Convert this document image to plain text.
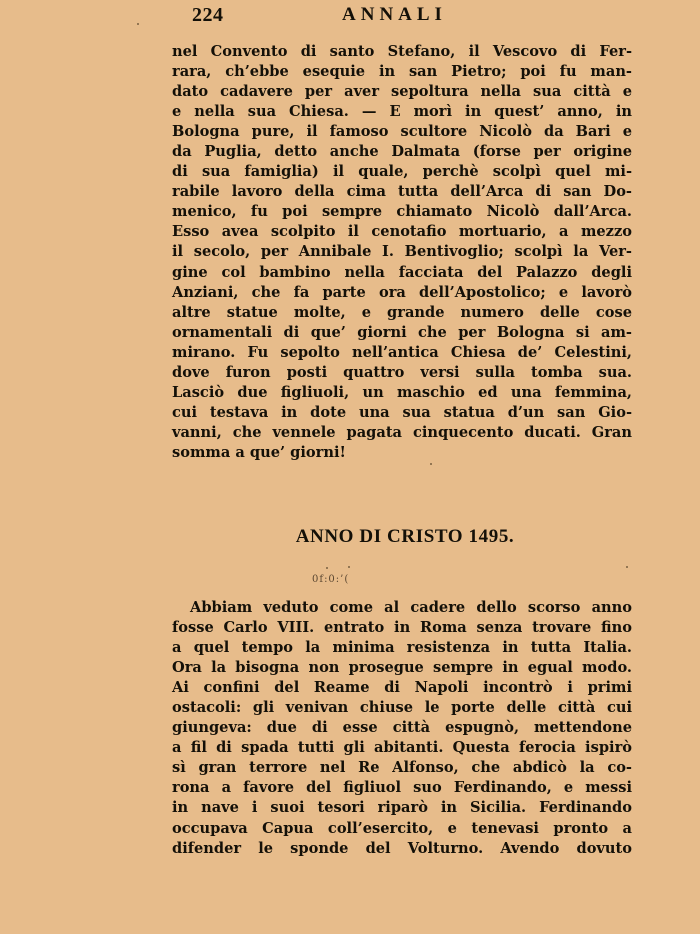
224	ANNALI
nel Convento di santo Stefano, il Vescovo di Fer-
rara, ch’ebbe esequie in san Pietro; poi fu man-
dato cadavere per aver sepoltura nella sua città e
e nella sua Chiesa. — E morì in quest’ anno, in
Bologna pure, il famoso scultore Nicolò da Bari e
da Puglia, detto anche Dalmata (forse per origine
di sua famiglia) il quale, perchè scolpì quel mi-
rabile lavoro della cima tutta dell’Arca di san Do-
menico, fu poi sempre chiamato Nicolò dall’Arca.
Esso avea scolpito il cenotafio mortuario, a mezzo
il secolo, per Annibale I. Bentivoglio; scolpì la Ver-
gine col bambino nella facciata del Palazzo degli
Anziani, che fa parte ora dell’Apostolico; e lavorò
altre statue molte, e grande numero delle cose
ornamentali di que’ giorni che per Bologna si am-
mirano. Fu sepolto nell’antica Chiesa de’ Celestini,
dove furon posti quattro versi sulla tomba sua.
Lasciò due figliuoli, un maschio ed una femmina,
cui testava in dote una sua statua d’un san Gio-
vanni, che vennele pagata cinquecento ducati. Gran
somma a que’ giorni!
ANNO DI CRISTO 1495.
0f:0:’(
Abbiam veduto come al cadere dello scorso anno
fosse Carlo VIII. entrato in Roma senza trovare fino
a quel tempo la minima resistenza in tutta Italia.
Ora la bisogna non prosegue sempre in egual modo.
Ai confini del Reame di Napoli incontrò i primi
ostacoli: gli venivan chiuse le porte delle città cui
giungeva: due di esse città espugnò, mettendone
a fil di spada tutti gli abitanti. Questa ferocia ispirò
sì gran terrore nel Re Alfonso, che abdicò la co-
rona a favore del figliuol suo Ferdinando, e messi
in nave i suoi tesori riparò in Sicilia. Ferdinando
occupava Capua coll’esercito, e tenevasi pronto a
difender le sponde del Volturno. Avendo dovuto
